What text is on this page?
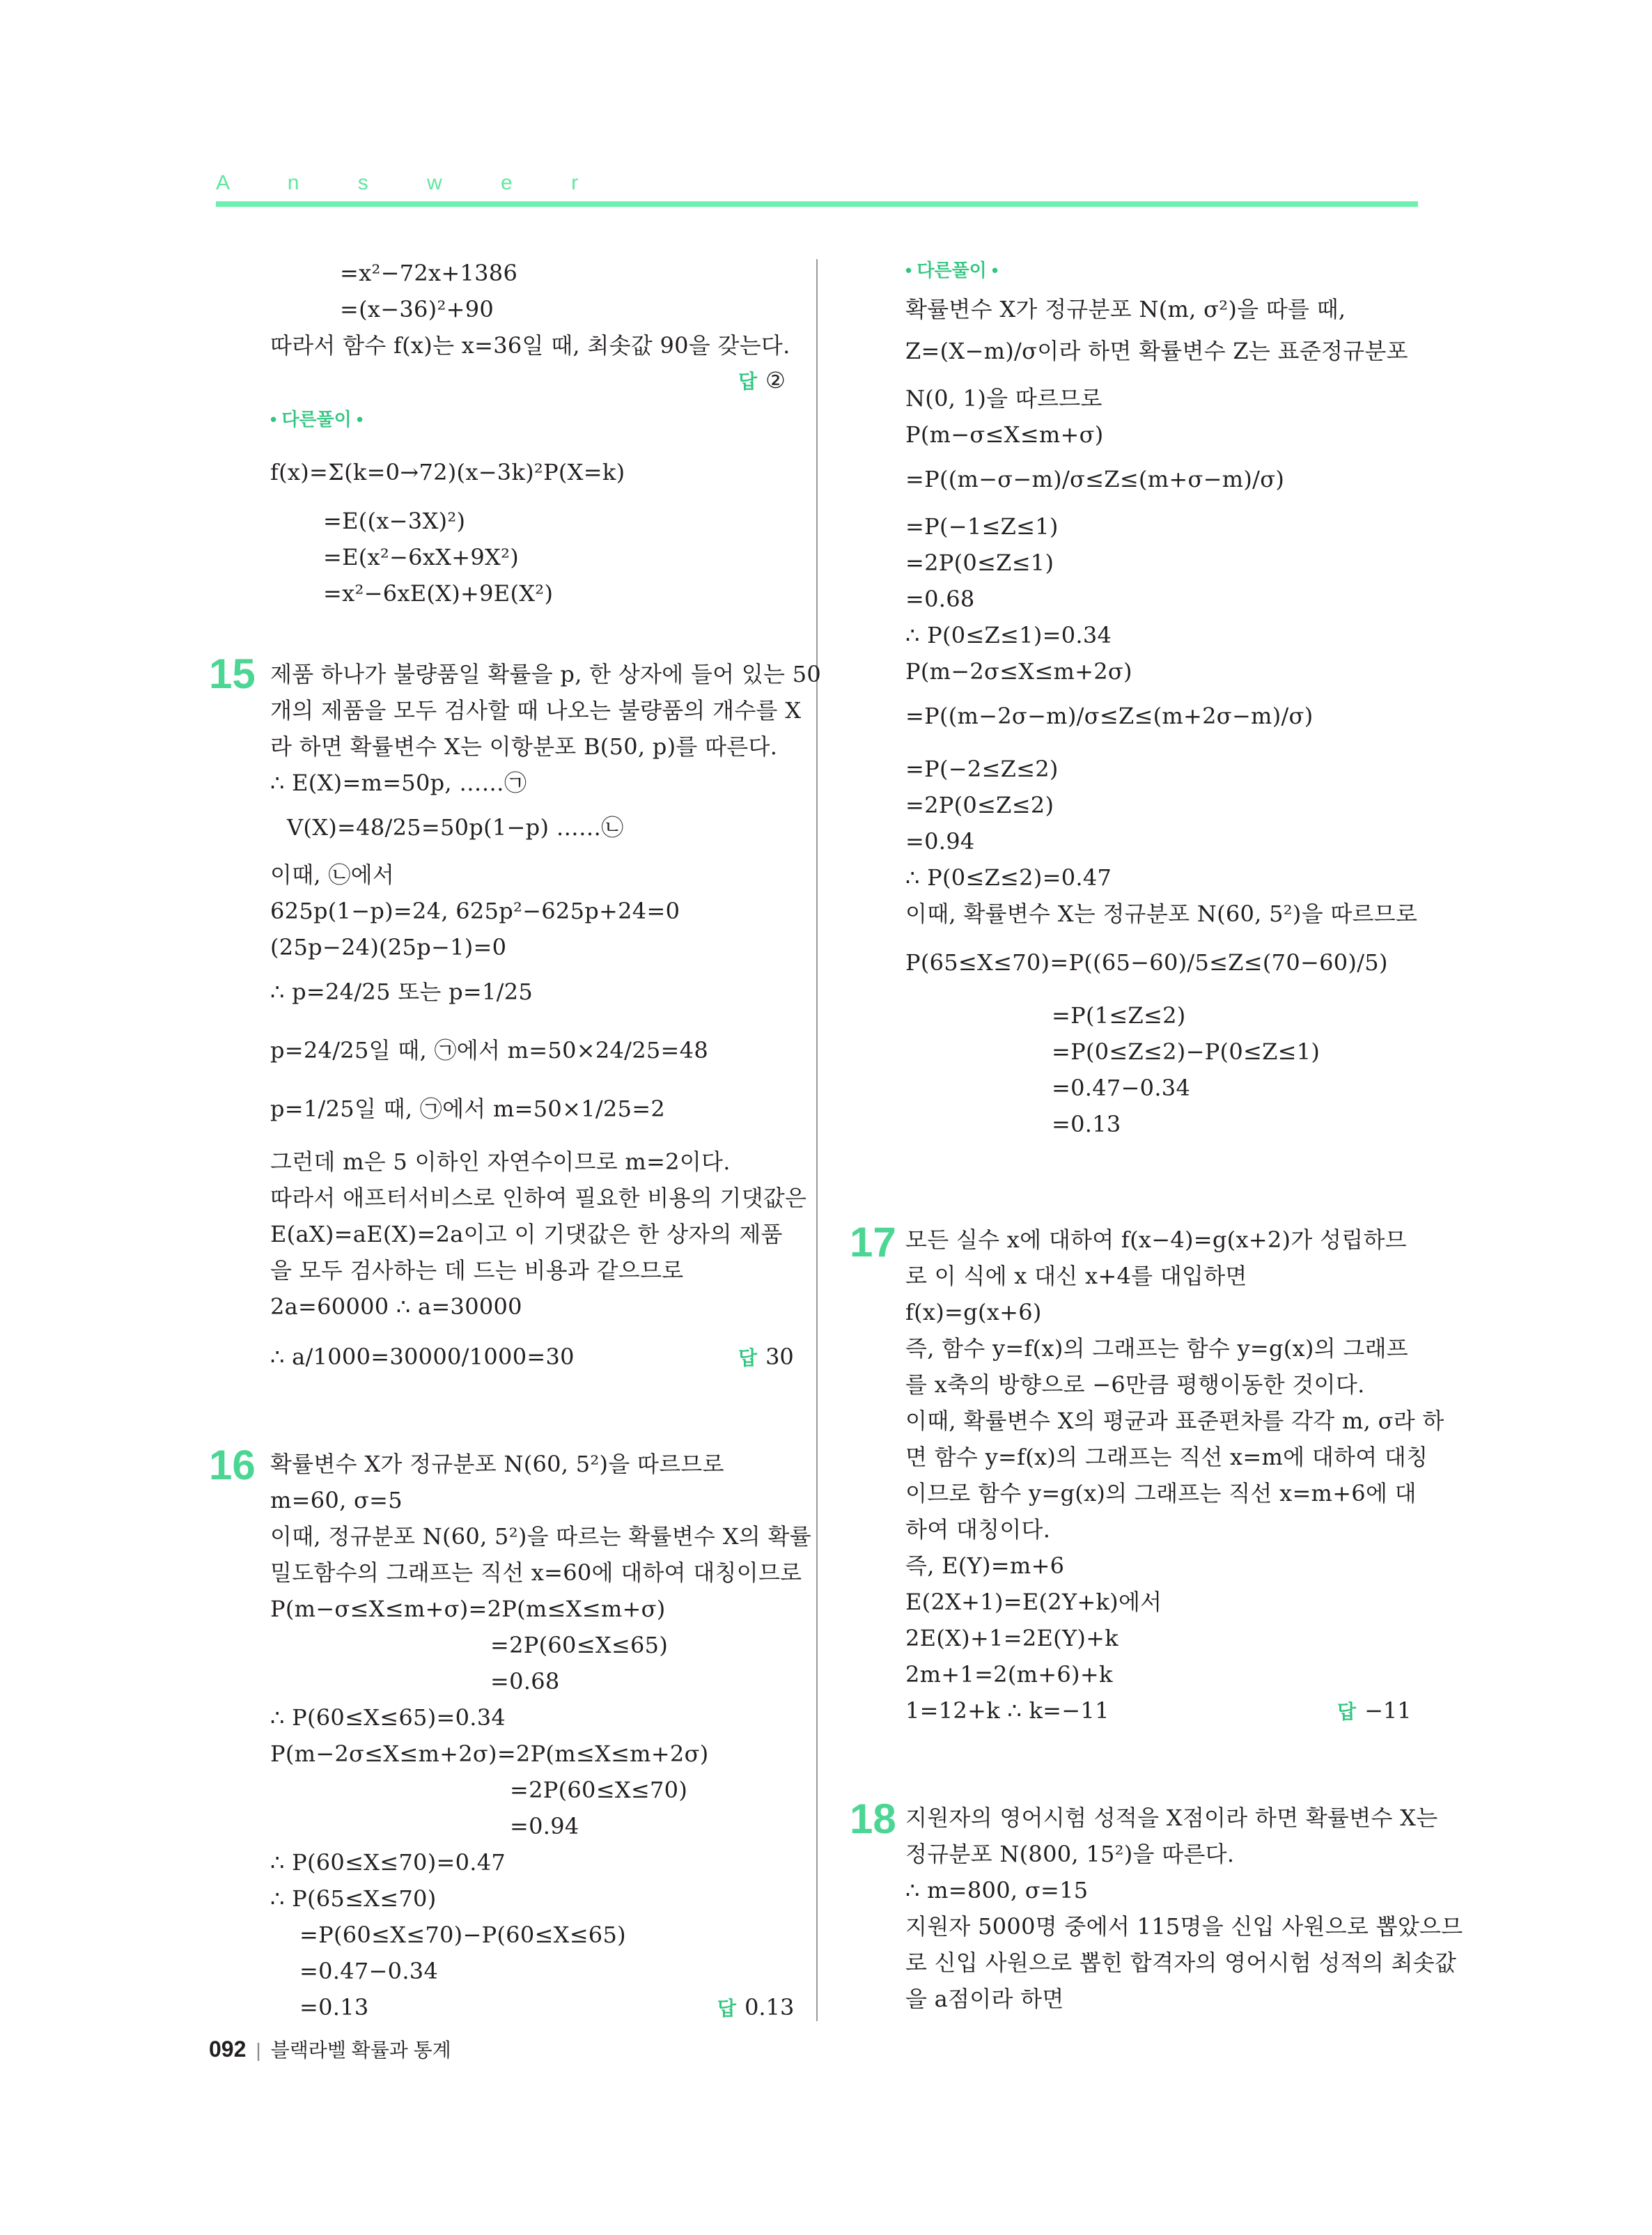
A n s w e r
=x²−72x+1386
=(x−36)²+90
따라서 함수 f(x)는 x=36일 때, 최솟값 90을 갖는다.
답 ②
• 다른풀이 •
f(x)=Σ(k=0→72)(x−3k)²P(X=k)
=E((x−3X)²)
=E(x²−6xX+9X²)
=x²−6xE(X)+9E(X²)
15 제품 하나가 불량품일 확률을 p, 한 상자에 들어 있는 50
개의 제품을 모두 검사할 때 나오는 불량품의 개수를 X
라 하면 확률변수 X는 이항분포 B(50, p)를 따른다.
∴ E(X)=m=50p, ……㉠
V(X)=48/25=50p(1−p) ……㉡
이때, ㉡에서
625p(1−p)=24, 625p²−625p+24=0
(25p−24)(25p−1)=0
∴ p=24/25 또는 p=1/25
p=24/25일 때, ㉠에서 m=50×24/25=48
p=1/25일 때, ㉠에서 m=50×1/25=2
그런데 m은 5 이하인 자연수이므로 m=2이다.
따라서 애프터서비스로 인하여 필요한 비용의 기댓값은
E(aX)=aE(X)=2a이고 이 기댓값은 한 상자의 제품
을 모두 검사하는 데 드는 비용과 같으므로
2a=60000 ∴ a=30000
∴ a/1000=30000/1000=30	답 30
16 확률변수 X가 정규분포 N(60, 5²)을 따르므로
m=60, σ=5
이때, 정규분포 N(60, 5²)을 따르는 확률변수 X의 확률
밀도함수의 그래프는 직선 x=60에 대하여 대칭이므로
P(m−σ≤X≤m+σ)=2P(m≤X≤m+σ)
=2P(60≤X≤65)
=0.68
∴ P(60≤X≤65)=0.34
P(m−2σ≤X≤m+2σ)=2P(m≤X≤m+2σ)
=2P(60≤X≤70)
=0.94
∴ P(60≤X≤70)=0.47
∴ P(65≤X≤70)
=P(60≤X≤70)−P(60≤X≤65)
=0.47−0.34
=0.13	답 0.13
• 다른풀이 •
확률변수 X가 정규분포 N(m, σ²)을 따를 때,
Z=(X−m)/σ이라 하면 확률변수 Z는 표준정규분포
N(0, 1)을 따르므로
P(m−σ≤X≤m+σ)
=P((m−σ−m)/σ≤Z≤(m+σ−m)/σ)
=P(−1≤Z≤1)
=2P(0≤Z≤1)
=0.68
∴ P(0≤Z≤1)=0.34
P(m−2σ≤X≤m+2σ)
=P((m−2σ−m)/σ≤Z≤(m+2σ−m)/σ)
=P(−2≤Z≤2)
=2P(0≤Z≤2)
=0.94
∴ P(0≤Z≤2)=0.47
이때, 확률변수 X는 정규분포 N(60, 5²)을 따르므로
P(65≤X≤70)=P((65−60)/5≤Z≤(70−60)/5)
=P(1≤Z≤2)
=P(0≤Z≤2)−P(0≤Z≤1)
=0.47−0.34
=0.13
17 모든 실수 x에 대하여 f(x−4)=g(x+2)가 성립하므
로 이 식에 x 대신 x+4를 대입하면
f(x)=g(x+6)
즉, 함수 y=f(x)의 그래프는 함수 y=g(x)의 그래프
를 x축의 방향으로 −6만큼 평행이동한 것이다.
이때, 확률변수 X의 평균과 표준편차를 각각 m, σ라 하
면 함수 y=f(x)의 그래프는 직선 x=m에 대하여 대칭
이므로 함수 y=g(x)의 그래프는 직선 x=m+6에 대
하여 대칭이다.
즉, E(Y)=m+6
E(2X+1)=E(2Y+k)에서
2E(X)+1=2E(Y)+k
2m+1=2(m+6)+k
1=12+k ∴ k=−11	답 −11
18 지원자의 영어시험 성적을 X점이라 하면 확률변수 X는
정규분포 N(800, 15²)을 따른다.
∴ m=800, σ=15
지원자 5000명 중에서 115명을 신입 사원으로 뽑았으므
로 신입 사원으로 뽑힌 합격자의 영어시험 성적의 최솟값
을 a점이라 하면
092 | 블랙라벨 확률과 통계
